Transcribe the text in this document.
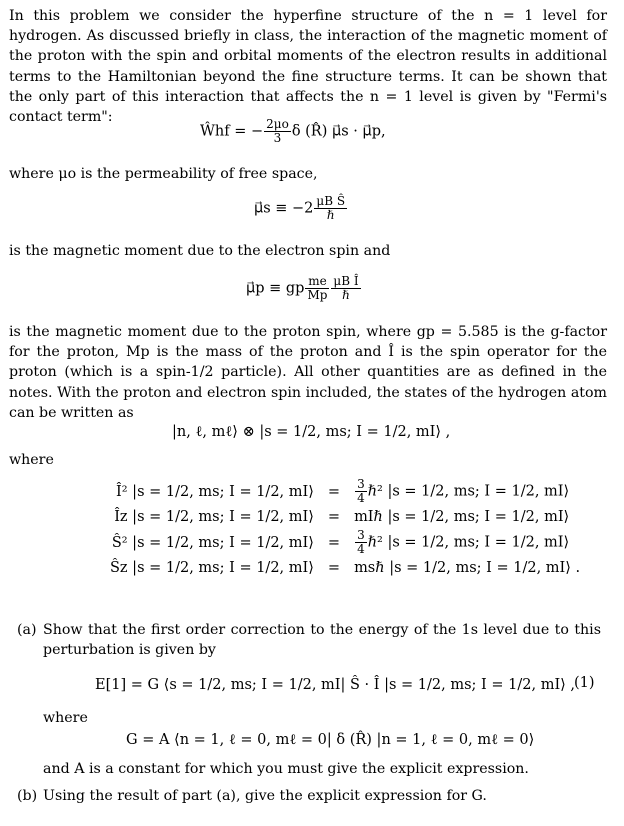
In this problem we consider the hyperfine structure of the n = 1 level for hydrogen. As discussed briefly in class, the interaction of the magnetic moment of the proton with the spin and orbital moments of the electron results in additional terms to the Hamiltonian beyond the fine structure terms. It can be shown that the only part of this interaction that affects the n = 1 level is given by "Fermi's contact term":

Ŵhf = − $\frac{2\mu o}{3}$ δ (R̂) μ⃗s · μ⃗p,

where μo is the permeability of free space,

μ⃗s ≡ $-2 \frac{\text{μB Ŝ}}{\text{ℏ}}$

is the magnetic moment due to the electron spin and

μ⃗p ≡ gp $\frac{me}{Mp} \frac{\text{μB Î}}{\text{ℏ}}$

is the magnetic moment due to the proton spin, where gp = 5.585 is the g-factor for the proton, Mp is the mass of the proton and Î is the spin operator for the proton (which is a spin-1/2 particle). All other quantities are as defined in the notes. With the proton and electron spin included, the states of the hydrogen atom can be written as

|n, ℓ, mℓ⟩ ⊗ |s = 1/2, ms; I = 1/2, mI⟩ ,

where

Î² |s = 1/2, ms; I = 1/2, mI⟩	=	$\frac{3}{4}$ ℏ² |s = 1/2, ms; I = 1/2, mI⟩
Îz |s = 1/2, ms; I = 1/2, mI⟩	=	mIℏ |s = 1/2, ms; I = 1/2, mI⟩
Ŝ² |s = 1/2, ms; I = 1/2, mI⟩	=	$\frac{3}{4}$ ℏ² |s = 1/2, ms; I = 1/2, mI⟩
Ŝz |s = 1/2, ms; I = 1/2, mI⟩	=	msℏ |s = 1/2, ms; I = 1/2, mI⟩ .
(a) Show that the first order correction to the energy of the 1s level due to this perturbation is given by
E[1] = G ⟨s = 1/2, ms; I = 1/2, mI| Ŝ · Î |s = 1/2, ms; I = 1/2, mI⟩ ,
(1)
where
G = A ⟨n = 1, ℓ = 0, mℓ = 0| δ (R̂) |n = 1, ℓ = 0, mℓ = 0⟩
and A is a constant for which you must give the explicit expression.
(b) Using the result of part (a), give the explicit expression for G.
